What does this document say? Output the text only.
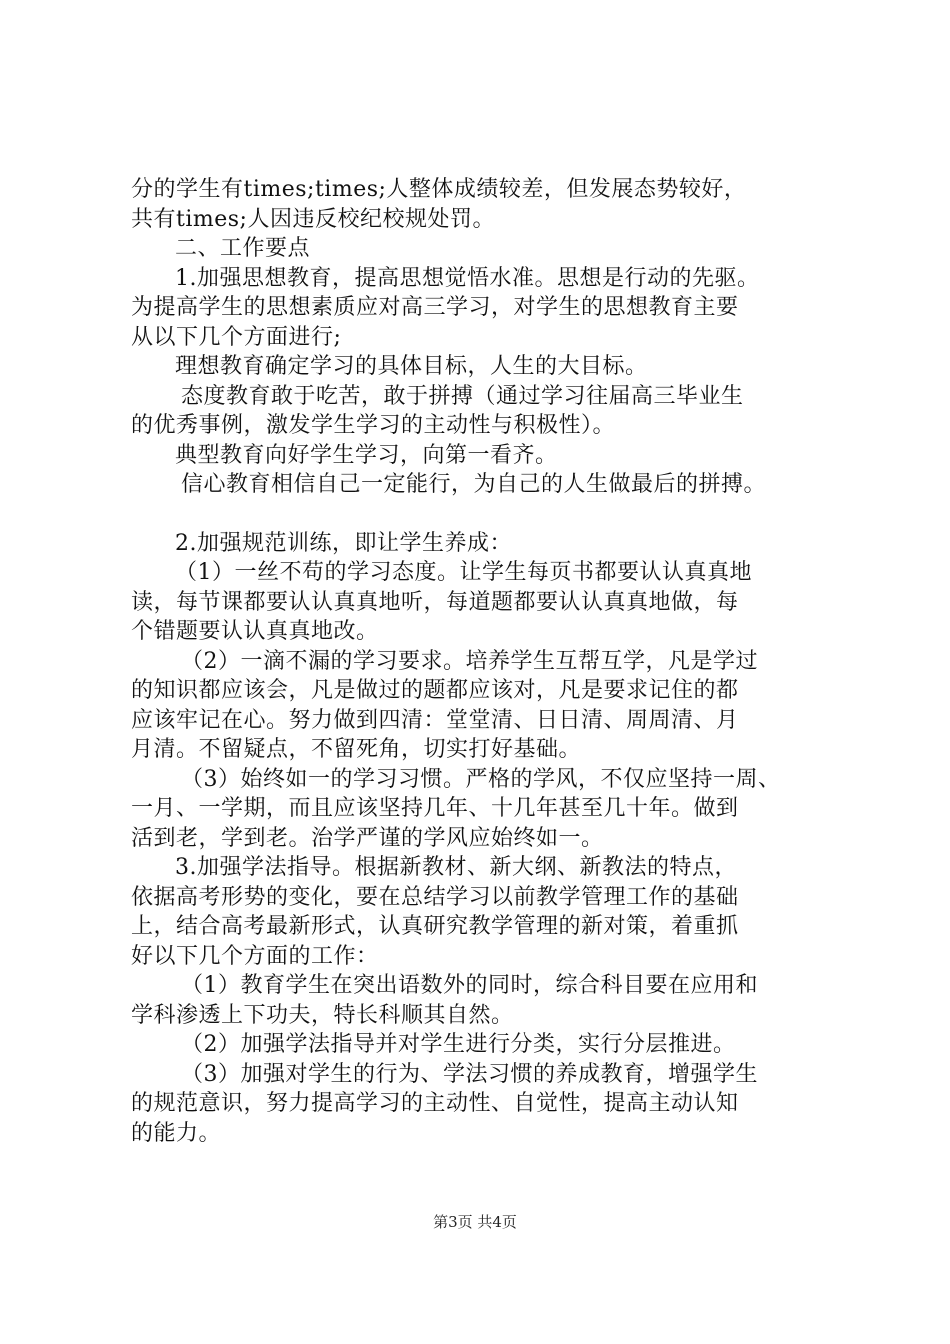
分的学生有times;times;人整体成绩较差，但发展态势较好，
共有times;人因违反校纪校规处罚。
二、工作要点
1.加强思想教育，提高思想觉悟水准。思想是行动的先驱。
为提高学生的思想素质应对高三学习，对学生的思想教育主要
从以下几个方面进行;
理想教育确定学习的具体目标，人生的大目标。
态度教育敢于吃苦，敢于拼搏（通过学习往届高三毕业生
的优秀事例，激发学生学习的主动性与积极性）。
典型教育向好学生学习，向第一看齐。
信心教育相信自己一定能行，为自己的人生做最后的拼搏。
2.加强规范训练，即让学生养成：
（1）一丝不苟的学习态度。让学生每页书都要认认真真地
读，每节课都要认认真真地听，每道题都要认认真真地做，每
个错题要认认真真地改。
（2）一滴不漏的学习要求。培养学生互帮互学，凡是学过
的知识都应该会，凡是做过的题都应该对，凡是要求记住的都
应该牢记在心。努力做到四清：堂堂清、日日清、周周清、月
月清。不留疑点，不留死角，切实打好基础。
（3）始终如一的学习习惯。严格的学风，不仅应坚持一周、
一月、一学期，而且应该坚持几年、十几年甚至几十年。做到
活到老，学到老。治学严谨的学风应始终如一。
3.加强学法指导。根据新教材、新大纲、新教法的特点，
依据高考形势的变化，要在总结学习以前教学管理工作的基础
上，结合高考最新形式，认真研究教学管理的新对策，着重抓
好以下几个方面的工作：
（1）教育学生在突出语数外的同时，综合科目要在应用和
学科渗透上下功夫，特长科顺其自然。
（2）加强学法指导并对学生进行分类，实行分层推进。
（3）加强对学生的行为、学法习惯的养成教育，增强学生
的规范意识，努力提高学习的主动性、自觉性，提高主动认知
的能力。
第3页 共4页
